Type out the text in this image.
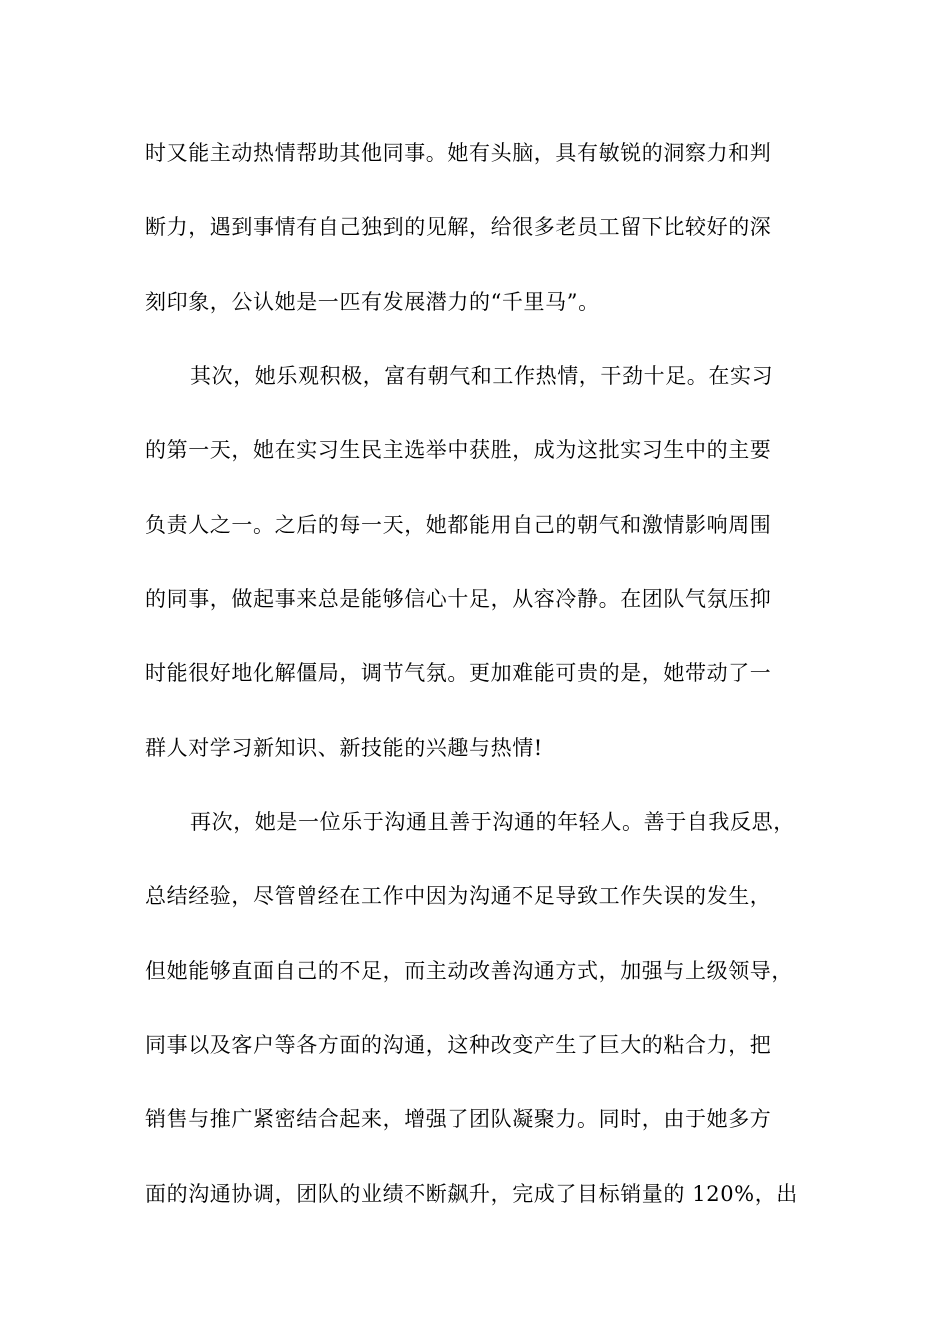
时又能主动热情帮助其他同事。她有头脑，具有敏锐的洞察力和判
断力，遇到事情有自己独到的见解，给很多老员工留下比较好的深
刻印象，公认她是一匹有发展潜力的“千里马”。
其次，她乐观积极，富有朝气和工作热情，干劲十足。在实习
的第一天，她在实习生民主选举中获胜，成为这批实习生中的主要
负责人之一。之后的每一天，她都能用自己的朝气和激情影响周围
的同事，做起事来总是能够信心十足，从容冷静。在团队气氛压抑
时能很好地化解僵局，调节气氛。更加难能可贵的是，她带动了一
群人对学习新知识、新技能的兴趣与热情!
再次，她是一位乐于沟通且善于沟通的年轻人。善于自我反思，
总结经验，尽管曾经在工作中因为沟通不足导致工作失误的发生，
但她能够直面自己的不足，而主动改善沟通方式，加强与上级领导，
同事以及客户等各方面的沟通，这种改变产生了巨大的粘合力，把
销售与推广紧密结合起来，增强了团队凝聚力。同时，由于她多方
面的沟通协调，团队的业绩不断飙升，完成了目标销量的 120%，出
